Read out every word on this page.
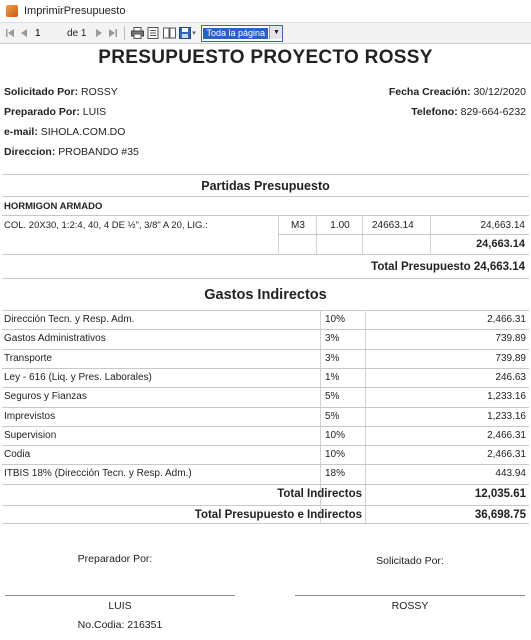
ImprimirPresupuesto
1
de 1	▾	Toda la página	▼
PRESUPUESTO PROYECTO ROSSY
Solicitado Por: ROSSY
Preparado Por: LUIS
e-mail: SIHOLA.COM.DO
Direccion: PROBANDO #35
Fecha Creación: 30/12/2020
Telefono: 829-664-6232
Partidas Presupuesto
HORMIGON ARMADO
COL. 20X30, 1:2:4, 40, 4 DE ½", 3/8" A 20, LIG.:	M3	1.00	24663.14	24,663.14
24,663.14
Total Presupuesto 24,663.14
Gastos Indirectos
Dirección Tecn. y Resp. Adm.	10%	2,466.31
Gastos Administrativos	3%	739.89
Transporte	3%	739.89
Ley - 616 (Liq. y Pres. Laborales)	1%	246.63
Seguros y Fianzas	5%	1,233.16
Imprevistos	5%	1,233.16
Supervision	10%	2,466.31
Codia	10%	2,466.31
ITBIS 18% (Dirección Tecn. y Resp. Adm.)	18%	443.94
Total Indirectos	12,035.61
Total Presupuesto e Indirectos	36,698.75
Preparador Por:	Solicitado Por:
LUIS	ROSSY
No.Codia: 216351
